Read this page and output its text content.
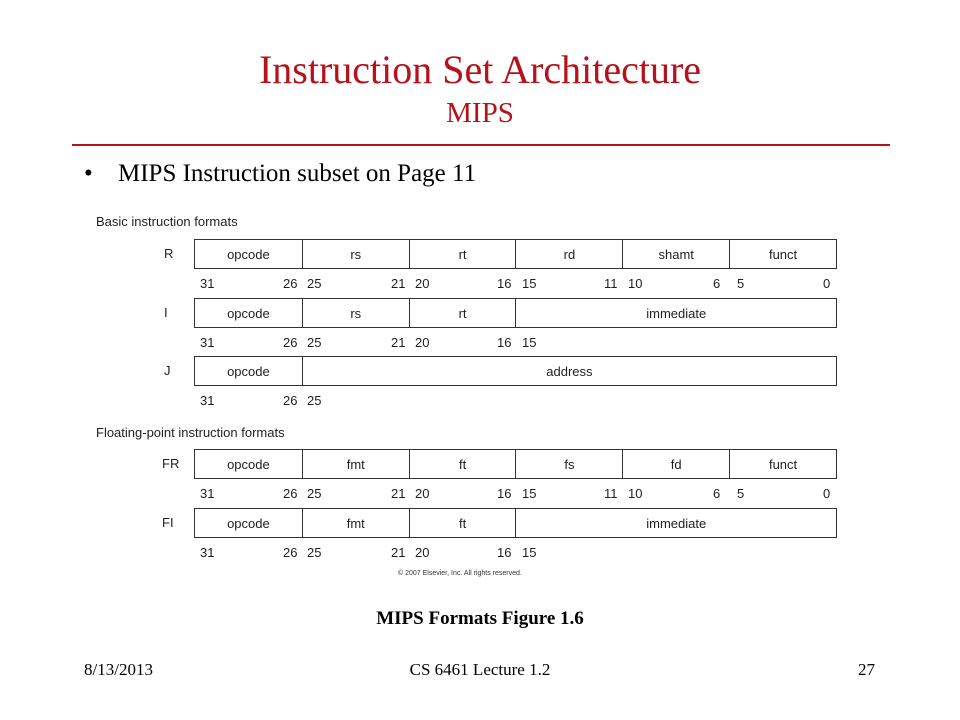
Instruction Set Architecture
MIPS
• MIPS Instruction subset on Page 11
Basic instruction formats
Floating-point instruction formats
© 2007 Elsevier, Inc. All rights reserved.
R	opcode	rs	rt	rd	shamt	funct
31	26 25	21 20	16 15	11 10	6 5	0
I	opcode	rs	rt	immediate
31	26 25	21 20	16 15
J	opcode	address
31	26 25
FR	opcode	fmt	ft	fs	fd	funct
31	26 25	21 20	16 15	11 10	6 5	0
FI	opcode	fmt	ft	immediate
31	26 25	21 20	16 15
MIPS Formats Figure 1.6
8/13/2013	CS 6461 Lecture 1.2	27
